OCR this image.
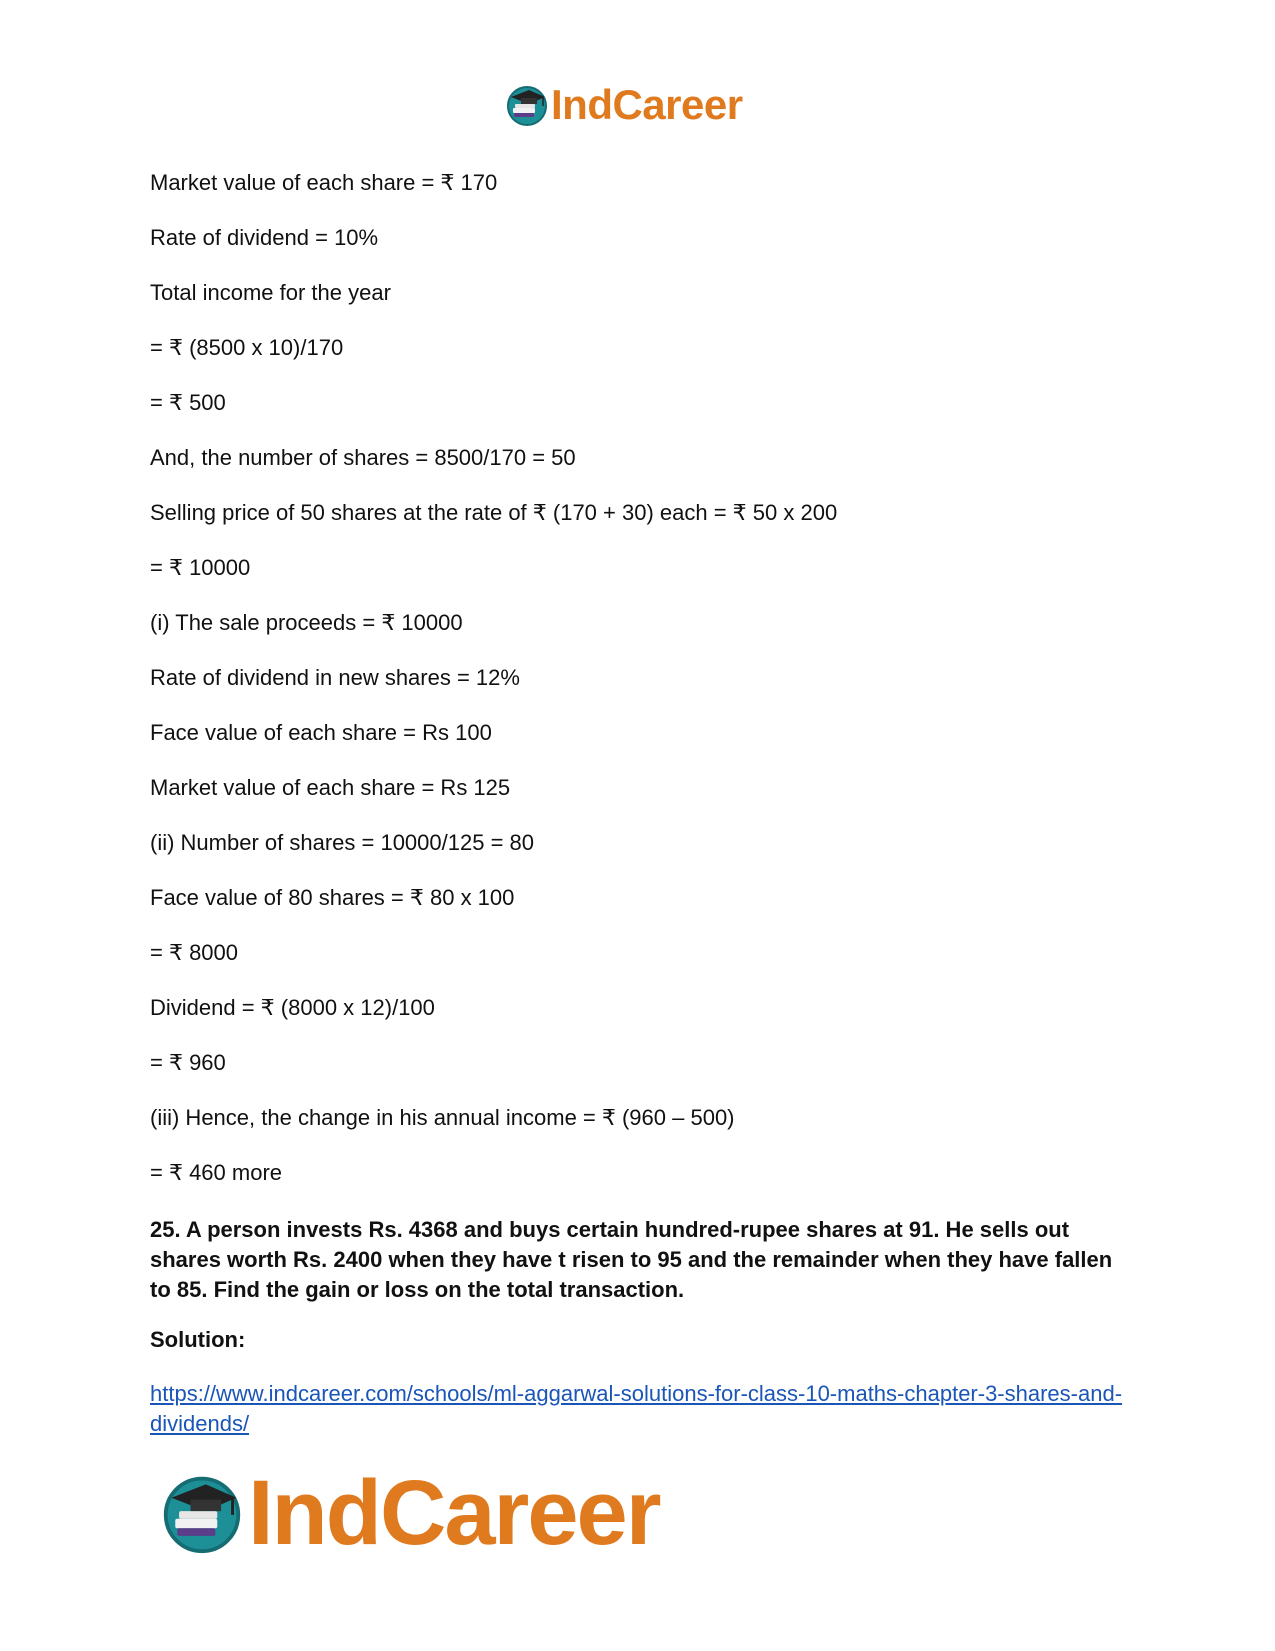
IndCareer

Market value of each share = ₹ 170

Rate of dividend = 10%

Total income for the year

= ₹ (8500 x 10)/170

= ₹ 500

And, the number of shares = 8500/170 = 50

Selling price of 50 shares at the rate of ₹ (170 + 30) each = ₹ 50 x 200

= ₹ 10000

(i) The sale proceeds = ₹ 10000

Rate of dividend in new shares = 12%

Face value of each share = Rs 100

Market value of each share = Rs 125

(ii) Number of shares = 10000/125 = 80

Face value of 80 shares = ₹ 80 x 100

= ₹ 8000

Dividend = ₹ (8000 x 12)/100

= ₹ 960

(iii) Hence, the change in his annual income = ₹ (960 – 500)

= ₹ 460 more

25. A person invests Rs. 4368 and buys certain hundred-rupee shares at 91. He sells out shares worth Rs. 2400 when they have t risen to 95 and the remainder when they have fallen to 85. Find the gain or loss on the total transaction.

Solution:

https://www.indcareer.com/schools/ml-aggarwal-solutions-for-class-10-maths-chapter-3-shares-and-dividends/
IndCareer
